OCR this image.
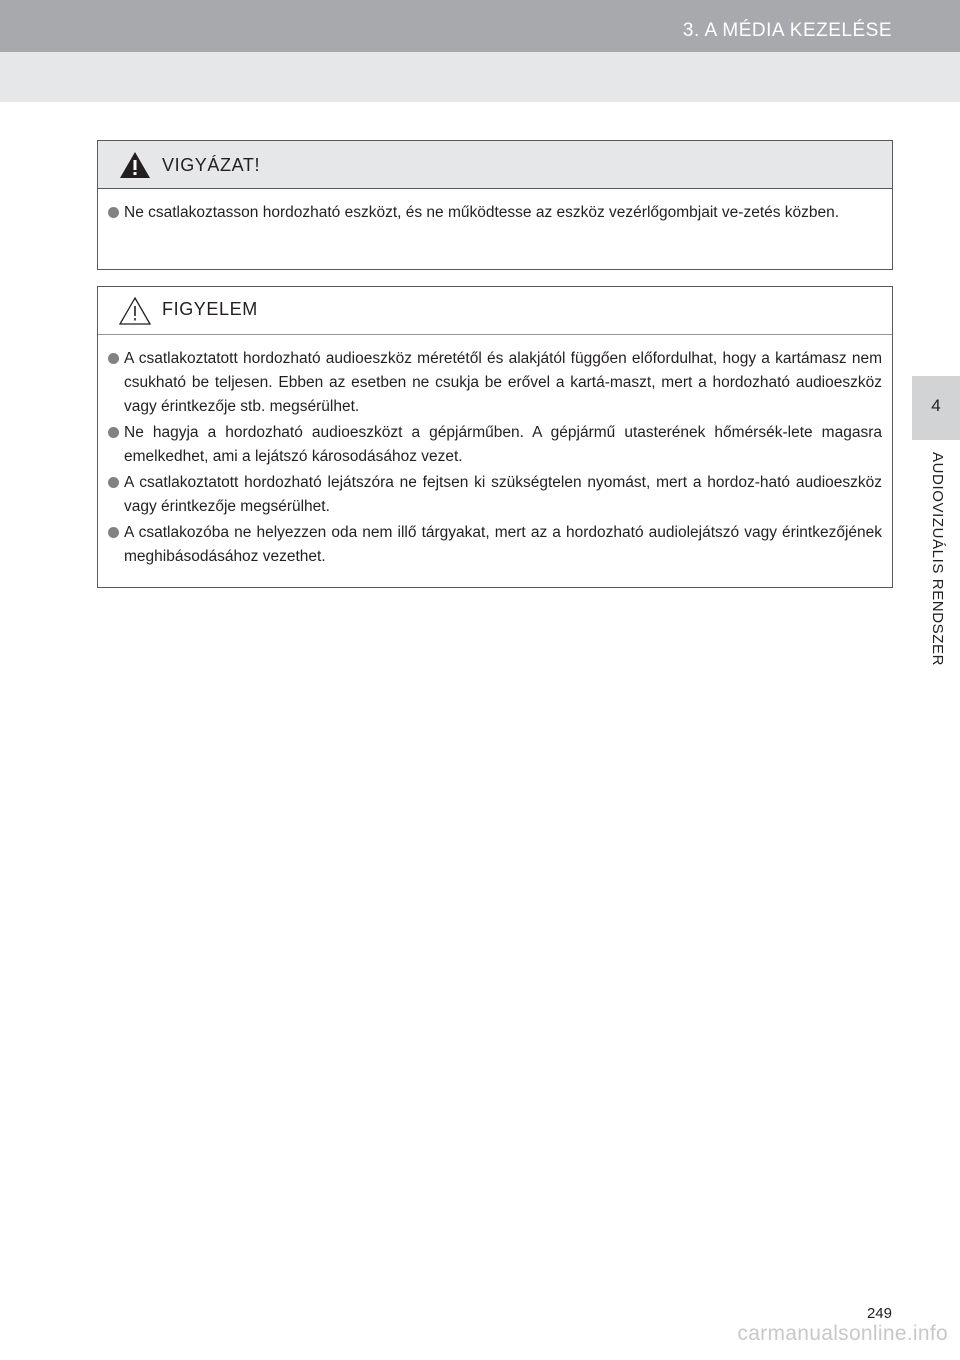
3. A MÉDIA KEZELÉSE
4
AUDIOVIZUÁLIS RENDSZER
VIGYÁZAT!
Ne csatlakoztasson hordozható eszközt, és ne működtesse az eszköz vezérlőgombjait ve-zetés közben.
FIGYELEM
A csatlakoztatott hordozható audioeszköz méretétől és alakjától függően előfordulhat, hogy a kartámasz nem csukható be teljesen. Ebben az esetben ne csukja be erővel a kartá-maszt, mert a hordozható audioeszköz vagy érintkezője stb. megsérülhet.
Ne hagyja a hordozható audioeszközt a gépjárműben. A gépjármű utasterének hőmérsék-lete magasra emelkedhet, ami a lejátszó károsodásához vezet.
A csatlakoztatott hordozható lejátszóra ne fejtsen ki szükségtelen nyomást, mert a hordoz-ható audioeszköz vagy érintkezője megsérülhet.
A csatlakozóba ne helyezzen oda nem illő tárgyakat, mert az a hordozható audiolejátszó vagy érintkezőjének meghibásodásához vezethet.
249
carmanualsonline.info
